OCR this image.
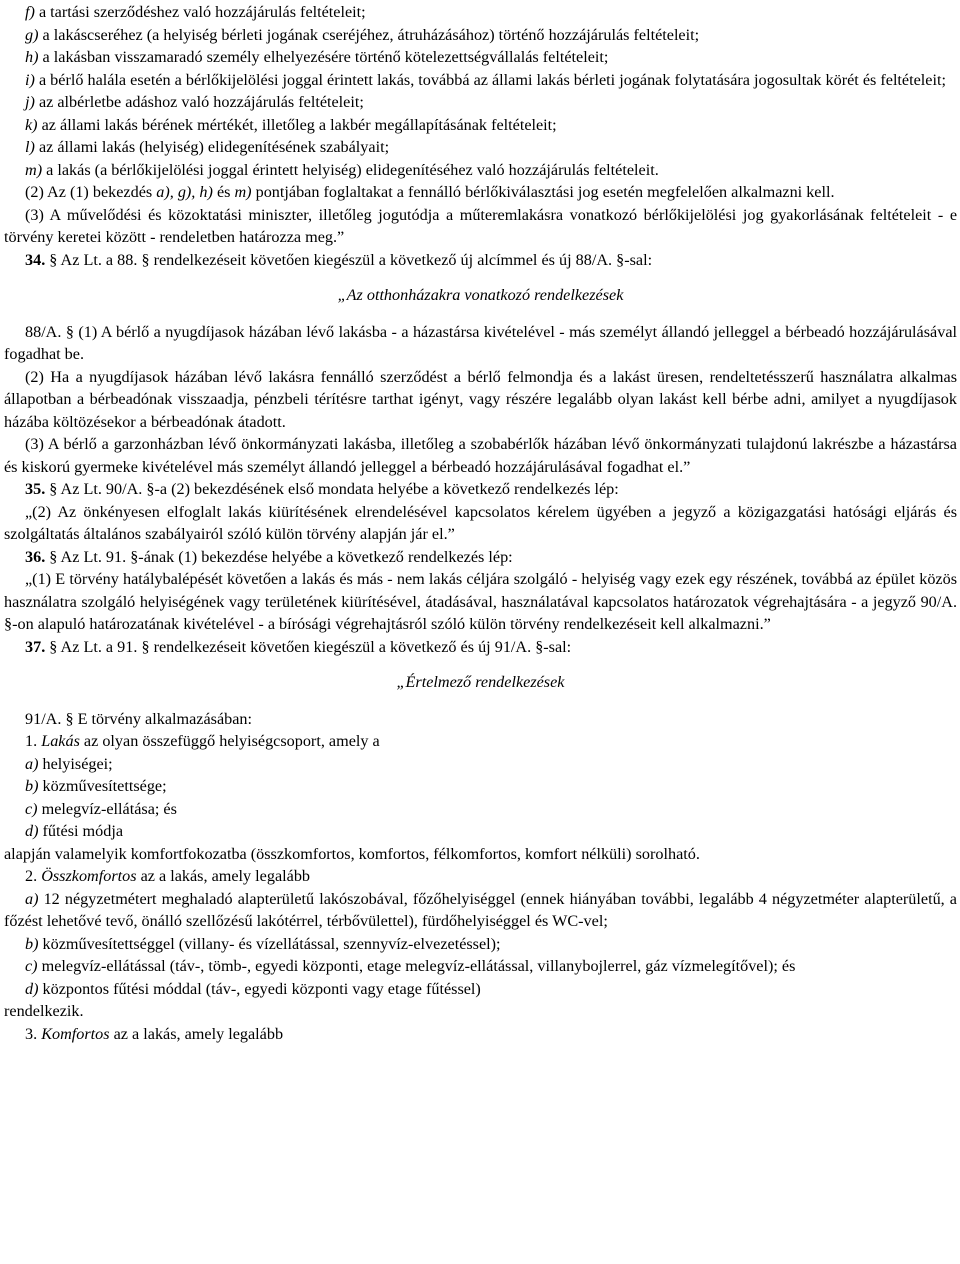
f) a tartási szerződéshez való hozzájárulás feltételeit;

g) a lakáscseréhez (a helyiség bérleti jogának cseréjéhez, átruházásához) történő hozzájárulás feltételeit;

h) a lakásban visszamaradó személy elhelyezésére történő kötelezettségvállalás feltételeit;

i) a bérlő halála esetén a bérlőkijelölési joggal érintett lakás, továbbá az állami lakás bérleti jogának folytatására jogosultak körét és feltételeit;

j) az albérletbe adáshoz való hozzájárulás feltételeit;

k) az állami lakás bérének mértékét, illetőleg a lakbér megállapításának feltételeit;

l) az állami lakás (helyiség) elidegenítésének szabályait;

m) a lakás (a bérlőkijelölési joggal érintett helyiség) elidegenítéséhez való hozzájárulás feltételeit.

(2) Az (1) bekezdés a), g), h) és m) pontjában foglaltakat a fennálló bérlőkiválasztási jog esetén megfelelően alkalmazni kell.

(3) A művelődési és közoktatási miniszter, illetőleg jogutódja a műteremlakásra vonatkozó bérlőkijelölési jog gyakorlásának feltételeit - e törvény keretei között - rendeletben határozza meg.”

34. § Az Lt. a 88. § rendelkezéseit követően kiegészül a következő új alcímmel és új 88/A. §-sal:

„Az otthonházakra vonatkozó rendelkezések

88/A. § (1) A bérlő a nyugdíjasok házában lévő lakásba - a házastársa kivételével - más személyt állandó jelleggel a bérbeadó hozzájárulásával fogadhat be.

(2) Ha a nyugdíjasok házában lévő lakásra fennálló szerződést a bérlő felmondja és a lakást üresen, rendeltetésszerű használatra alkalmas állapotban a bérbeadónak visszaadja, pénzbeli térítésre tarthat igényt, vagy részére legalább olyan lakást kell bérbe adni, amilyet a nyugdíjasok házába költözésekor a bérbeadónak átadott.

(3) A bérlő a garzonházban lévő önkormányzati lakásba, illetőleg a szobabérlők házában lévő önkormányzati tulajdonú lakrészbe a házastársa és kiskorú gyermeke kivételével más személyt állandó jelleggel a bérbeadó hozzájárulásával fogadhat el.”

35. § Az Lt. 90/A. §-a (2) bekezdésének első mondata helyébe a következő rendelkezés lép:

„(2) Az önkényesen elfoglalt lakás kiürítésének elrendelésével kapcsolatos kérelem ügyében a jegyző a közigazgatási hatósági eljárás és szolgáltatás általános szabályairól szóló külön törvény alapján jár el.”

36. § Az Lt. 91. §-ának (1) bekezdése helyébe a következő rendelkezés lép:

„(1) E törvény hatálybalépését követően a lakás és más - nem lakás céljára szolgáló - helyiség vagy ezek egy részének, továbbá az épület közös használatra szolgáló helyiségének vagy területének kiürítésével, átadásával, használatával kapcsolatos határozatok végrehajtására - a jegyző 90/A. §-on alapuló határozatának kivételével - a bírósági végrehajtásról szóló külön törvény rendelkezéseit kell alkalmazni.”

37. § Az Lt. a 91. § rendelkezéseit követően kiegészül a következő és új 91/A. §-sal:

„Értelmező rendelkezések

91/A. § E törvény alkalmazásában:

1. Lakás az olyan összefüggő helyiségcsoport, amely a

a) helyiségei;

b) közművesítettsége;

c) melegvíz-ellátása; és

d) fűtési módja

alapján valamelyik komfortfokozatba (összkomfortos, komfortos, félkomfortos, komfort nélküli) sorolható.

2. Összkomfortos az a lakás, amely legalább

a) 12 négyzetmétert meghaladó alapterületű lakószobával, főzőhelyiséggel (ennek hiányában további, legalább 4 négyzetméter alapterületű, a főzést lehetővé tevő, önálló szellőzésű lakótérrel, térbővülettel), fürdőhelyiséggel és WC-vel;

b) közművesítettséggel (villany- és vízellátással, szennyvíz-elvezetéssel);

c) melegvíz-ellátással (táv-, tömb-, egyedi központi, etage melegvíz-ellátással, villanybojlerrel, gáz vízmelegítővel); és

d) központos fűtési móddal (táv-, egyedi központi vagy etage fűtéssel)

rendelkezik.

3. Komfortos az a lakás, amely legalább
